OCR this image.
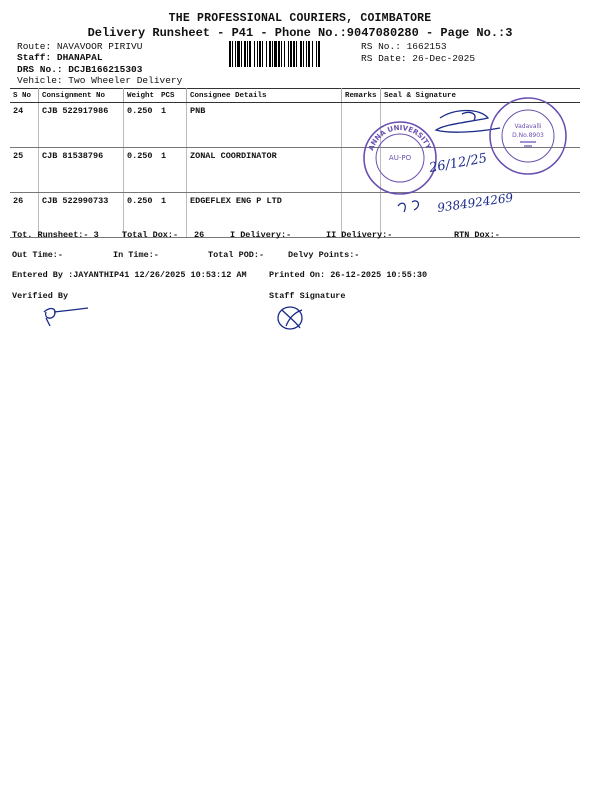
THE PROFESSIONAL COURIERS, COIMBATORE
Delivery Runsheet - P41 - Phone No.:9047080280 - Page No.:3
Route: NAVAVOOR PIRIVU
Staff: DHANAPAL
DRS No.: DCJB166215303
Vehicle: Two Wheeler Delivery
RS No.: 1662153
RS Date: 26-Dec-2025
S No	Consignment No	Weight	PCS	Consignee Details	Remarks	Seal & Signature
24	CJB 522917986	0.250	1	PNB		
25	CJB 81538796	0.250	1	ZONAL COORDINATOR		
26	CJB 522990733	0.250	1	EDGEFLEX ENG P LTD		
Tot. Runsheet:- 3	Total Dox:- 26	I Delivery:-	II Delivery:-	RTN Dox:-
Out Time:-	In Time:-	Total POD:-	Delvy Points:-
Entered By :JAYANTHIP41 12/26/2025 10:53:12 AM	Printed On: 26-12-2025 10:55:30
Verified By	Staff Signature
Vadavalli
D.No.8903
ANNA UNIVERSITY
AU-PO 26/12/25
9384924269
